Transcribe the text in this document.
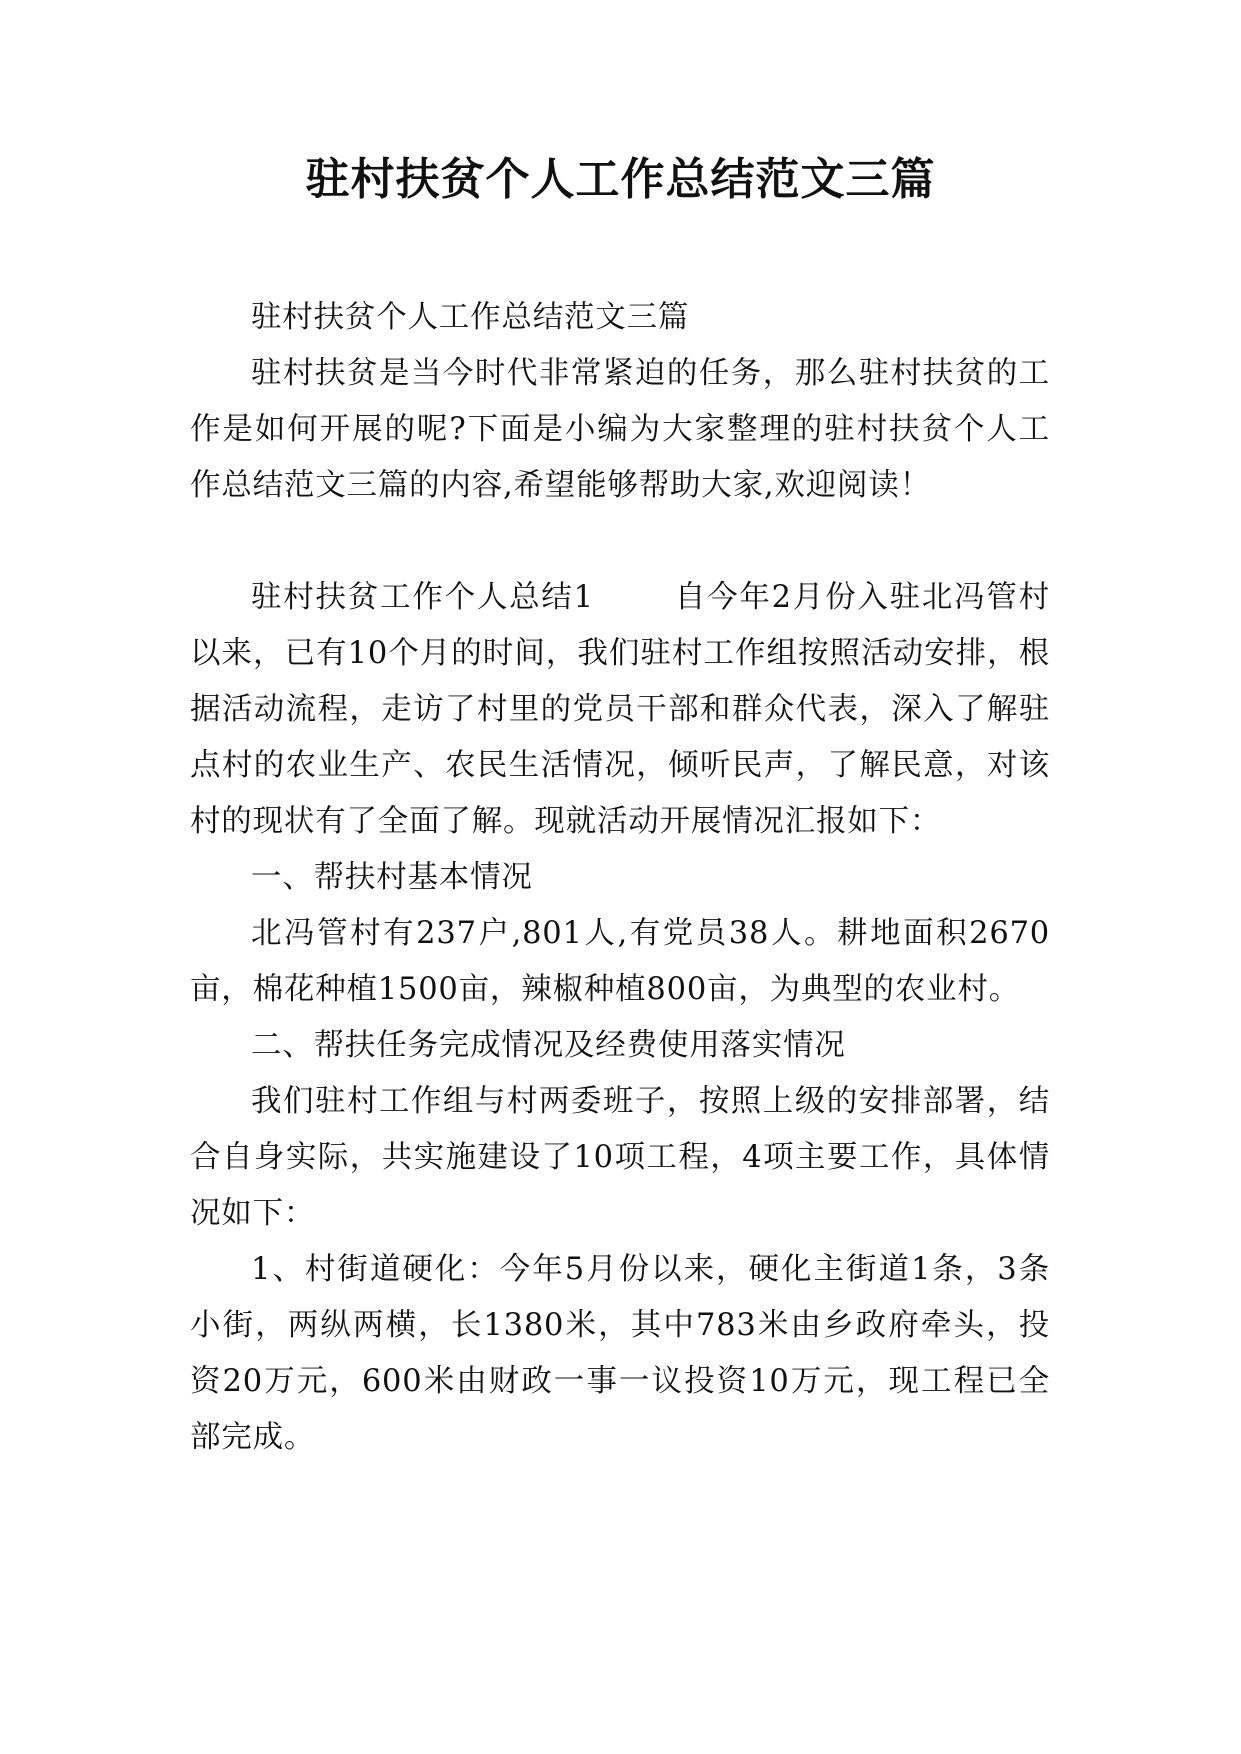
驻村扶贫个人工作总结范文三篇

驻村扶贫个人工作总结范文三篇

驻村扶贫是当今时代非常紧迫的任务，那么驻村扶贫的工作是如何开展的呢?下面是小编为大家整理的驻村扶贫个人工作总结范文三篇的内容,希望能够帮助大家,欢迎阅读！

驻村扶贫工作个人总结1	自今年2月份入驻北冯管村以来，已有10个月的时间，我们驻村工作组按照活动安排，根据活动流程，走访了村里的党员干部和群众代表，深入了解驻点村的农业生产、农民生活情况，倾听民声，了解民意，对该村的现状有了全面了解。现就活动开展情况汇报如下：

一、帮扶村基本情况

北冯管村有237户,801人,有党员38人。耕地面积2670亩，棉花种植1500亩，辣椒种植800亩，为典型的农业村。

二、帮扶任务完成情况及经费使用落实情况

我们驻村工作组与村两委班子，按照上级的安排部署，结合自身实际，共实施建设了10项工程，4项主要工作，具体情况如下：

1、村街道硬化：今年5月份以来，硬化主街道1条，3条小街，两纵两横，长1380米，其中783米由乡政府牵头，投资20万元，600米由财政一事一议投资10万元，现工程已全部完成。
